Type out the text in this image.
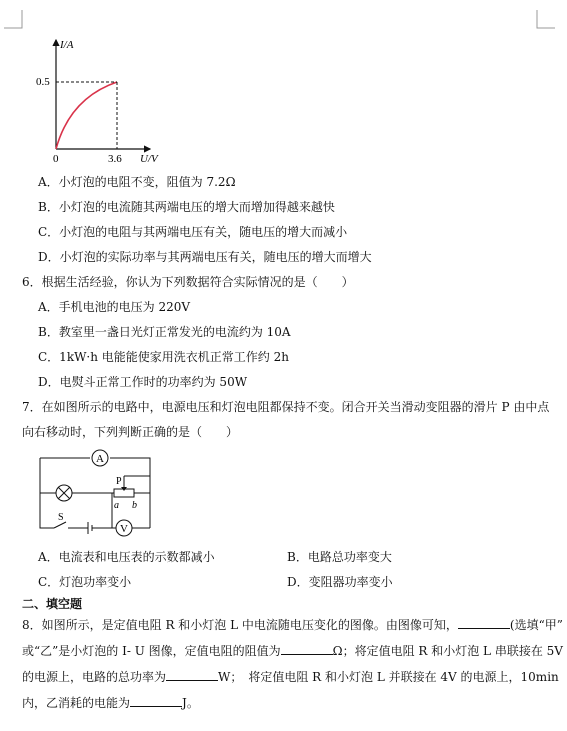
I/A
U/V
0.5
3.6
0
A．小灯泡的电阻不变，阻值为 7.2Ω
B．小灯泡的电流随其两端电压的增大而增加得越来越快
C．小灯泡的电阻与其两端电压有关，随电压的增大而减小
D．小灯泡的实际功率与其两端电压有关，随电压的增大而增大
6．根据生活经验，你认为下列数据符合实际情况的是（　　）
A．手机电池的电压为 220V
B．教室里一盏日光灯正常发光的电流约为 10A
C．1kW·h 电能能使家用洗衣机正常工作约 2h
D．电熨斗正常工作时的功率约为 50W
7．在如图所示的电路中，电源电压和灯泡电阻都保持不变。闭合开关当滑动变阻器的滑片 P 由中点
向右移动时，下列判断正确的是（　　）
A
V
P
a b
S
A．电流表和电压表的示数都减小	B．电路总功率变大
C．灯泡功率变小	D．变阻器功率变小
二、填空题
8．如图所示，是定值电阻 R 和小灯泡 L 中电流随电压变化的图像。由图像可知，	(选填“甲”
或“乙”是小灯泡的 I- U 图像，定值电阻的阻值为	Ω；将定值电阻 R 和小灯泡 L 串联接在 5V
的电源上，电路的总功率为	W；　将定值电阻 R 和小灯泡 L 并联接在 4V 的电源上，10min
内，乙消耗的电能为	J。
